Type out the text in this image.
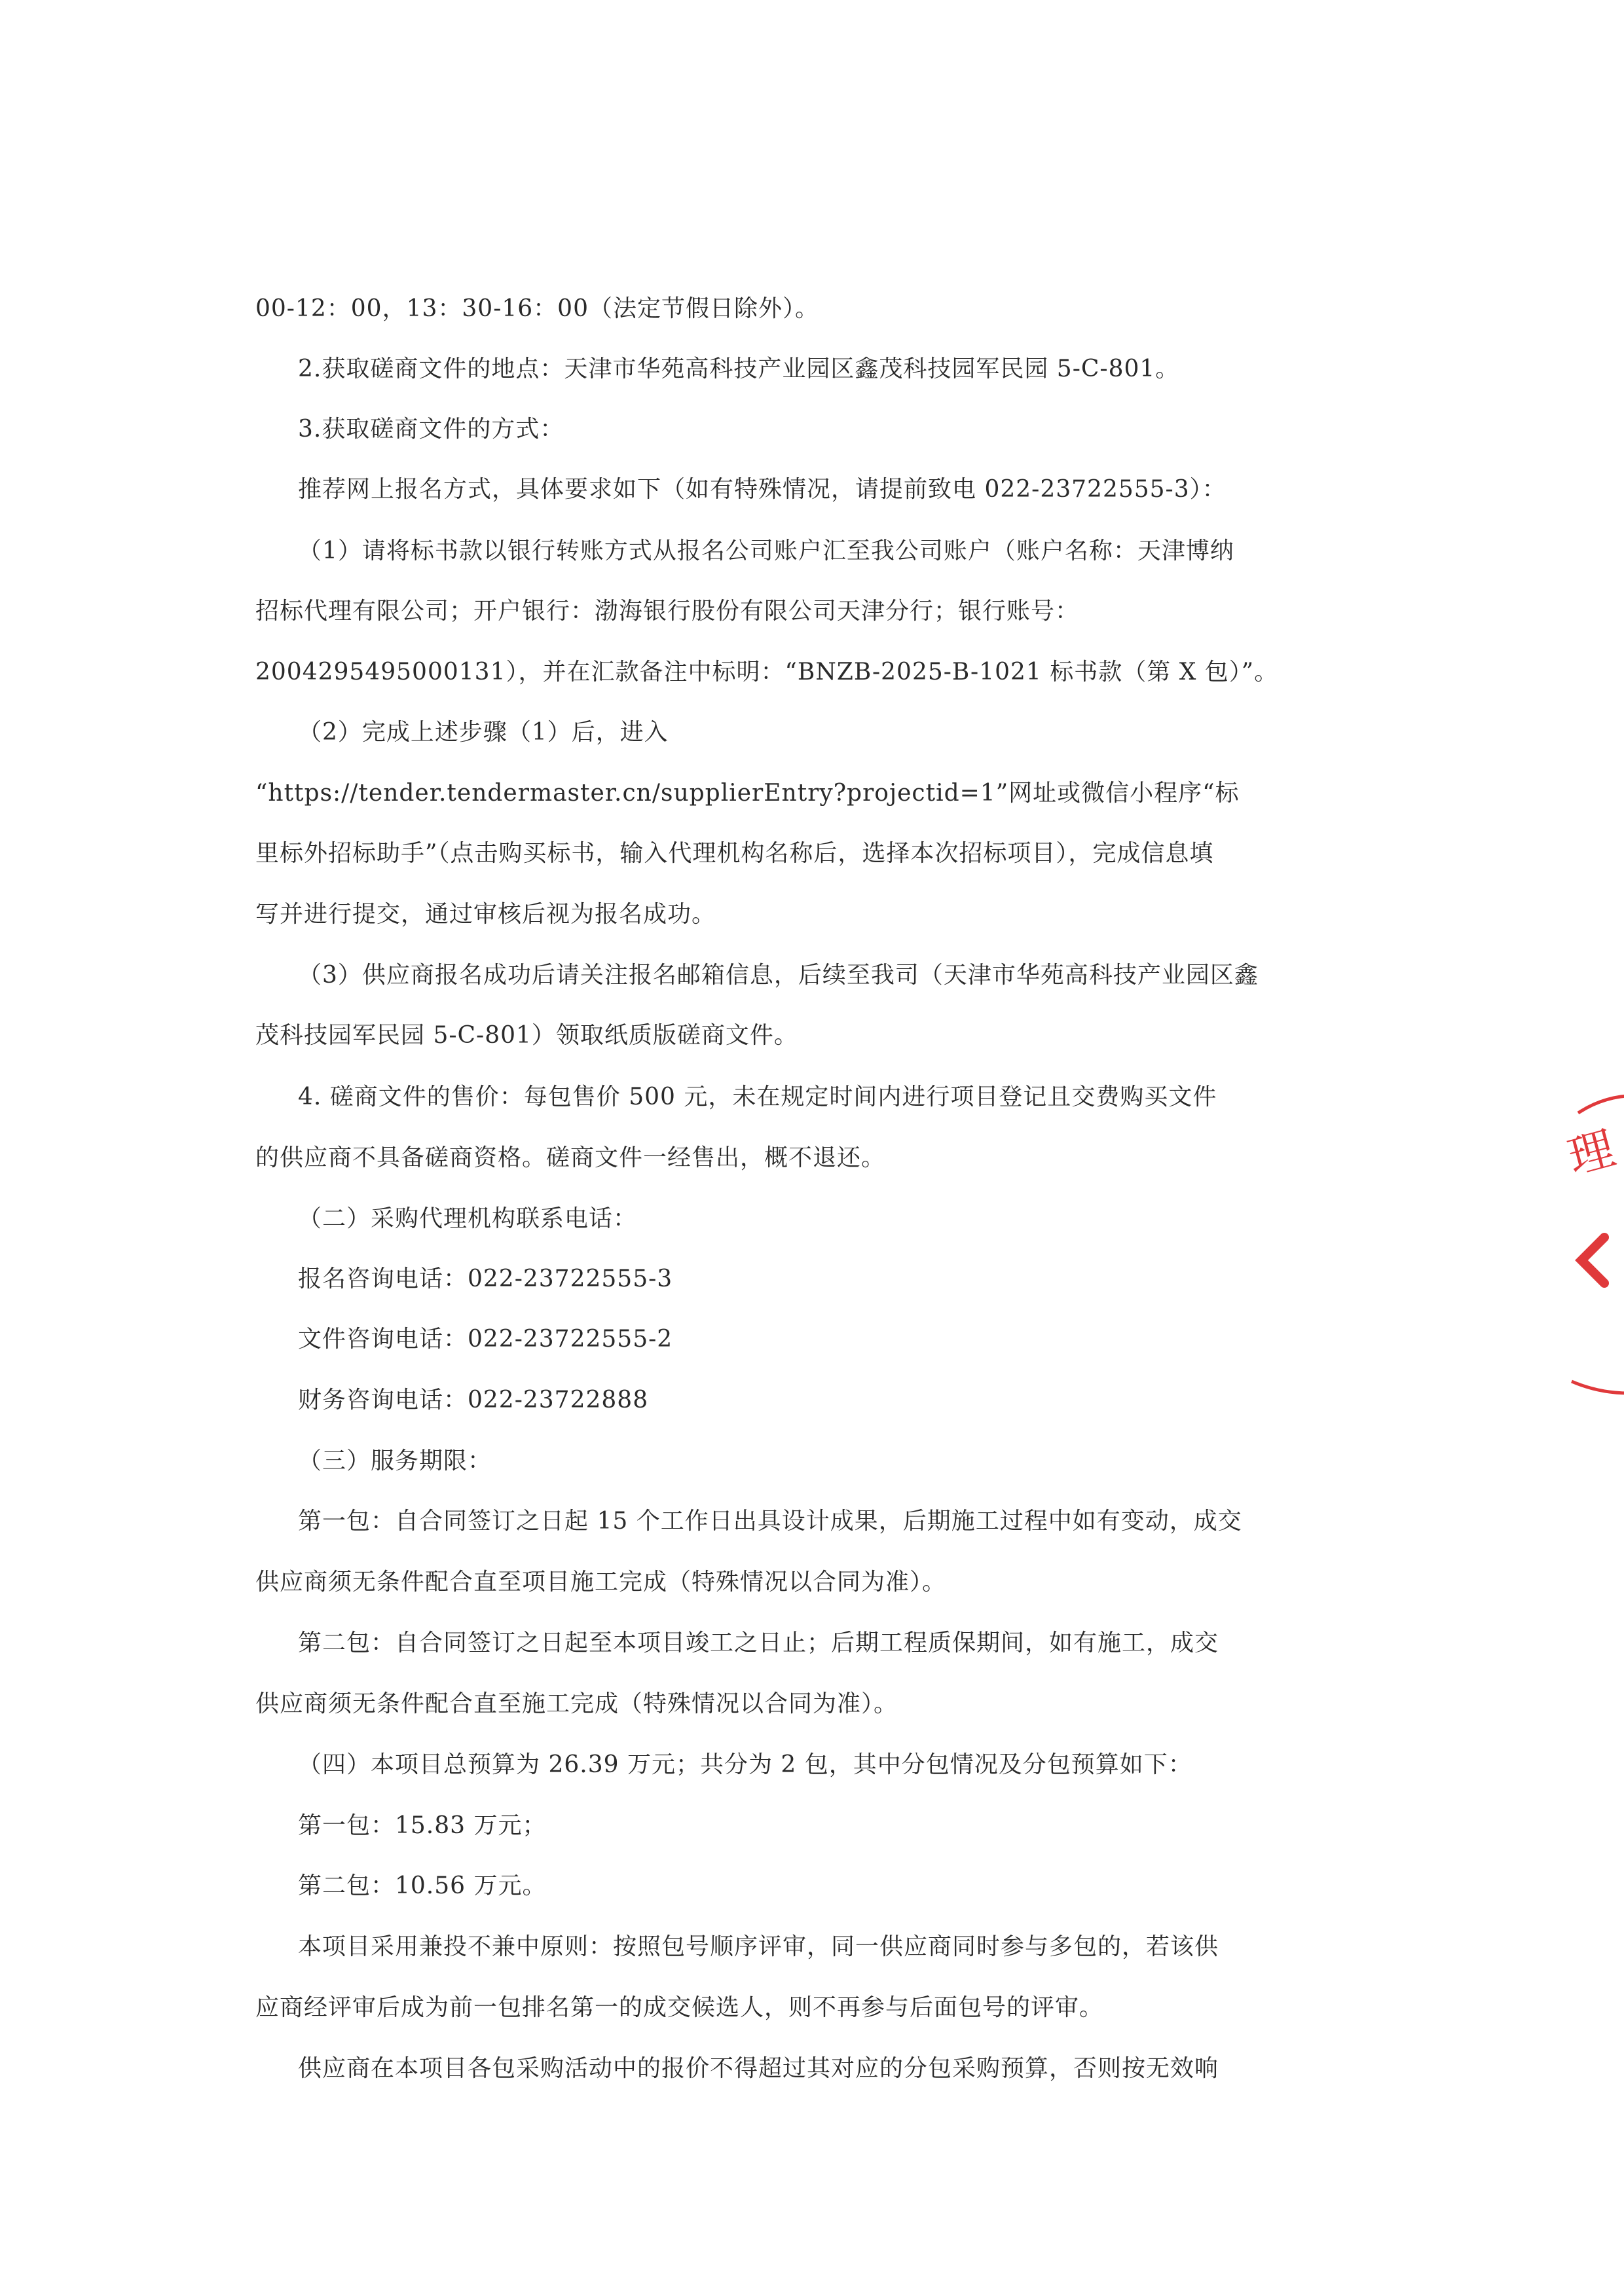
00-12：00，13：30-16：00（法定节假日除外）。
2.获取磋商文件的地点：天津市华苑高科技产业园区鑫茂科技园军民园 5-C-801。
3.获取磋商文件的方式：
推荐网上报名方式，具体要求如下（如有特殊情况，请提前致电 022-23722555-3）：
（1）请将标书款以银行转账方式从报名公司账户汇至我公司账户（账户名称：天津博纳
招标代理有限公司；开户银行：渤海银行股份有限公司天津分行；银行账号：
2004295495000131），并在汇款备注中标明：“BNZB-2025-B-1021 标书款（第 X 包）”。
（2）完成上述步骤（1）后，进入
“https://tender.tendermaster.cn/supplierEntry?projectid=1”网址或微信小程序“标
里标外招标助手”（点击购买标书，输入代理机构名称后，选择本次招标项目），完成信息填
写并进行提交，通过审核后视为报名成功。
（3）供应商报名成功后请关注报名邮箱信息，后续至我司（天津市华苑高科技产业园区鑫
茂科技园军民园 5-C-801）领取纸质版磋商文件。
4. 磋商文件的售价：每包售价 500 元，未在规定时间内进行项目登记且交费购买文件
的供应商不具备磋商资格。磋商文件一经售出，概不退还。
（二）采购代理机构联系电话：
报名咨询电话：022-23722555-3
文件咨询电话：022-23722555-2
财务咨询电话：022-23722888
（三）服务期限：
第一包：自合同签订之日起 15 个工作日出具设计成果，后期施工过程中如有变动，成交
供应商须无条件配合直至项目施工完成（特殊情况以合同为准）。
第二包：自合同签订之日起至本项目竣工之日止；后期工程质保期间，如有施工，成交
供应商须无条件配合直至施工完成（特殊情况以合同为准）。
（四）本项目总预算为 26.39 万元；共分为 2 包，其中分包情况及分包预算如下：
第一包：15.83 万元；
第二包：10.56 万元。
本项目采用兼投不兼中原则：按照包号顺序评审，同一供应商同时参与多包的，若该供
应商经评审后成为前一包排名第一的成交候选人，则不再参与后面包号的评审。
供应商在本项目各包采购活动中的报价不得超过其对应的分包采购预算，否则按无效响
理
